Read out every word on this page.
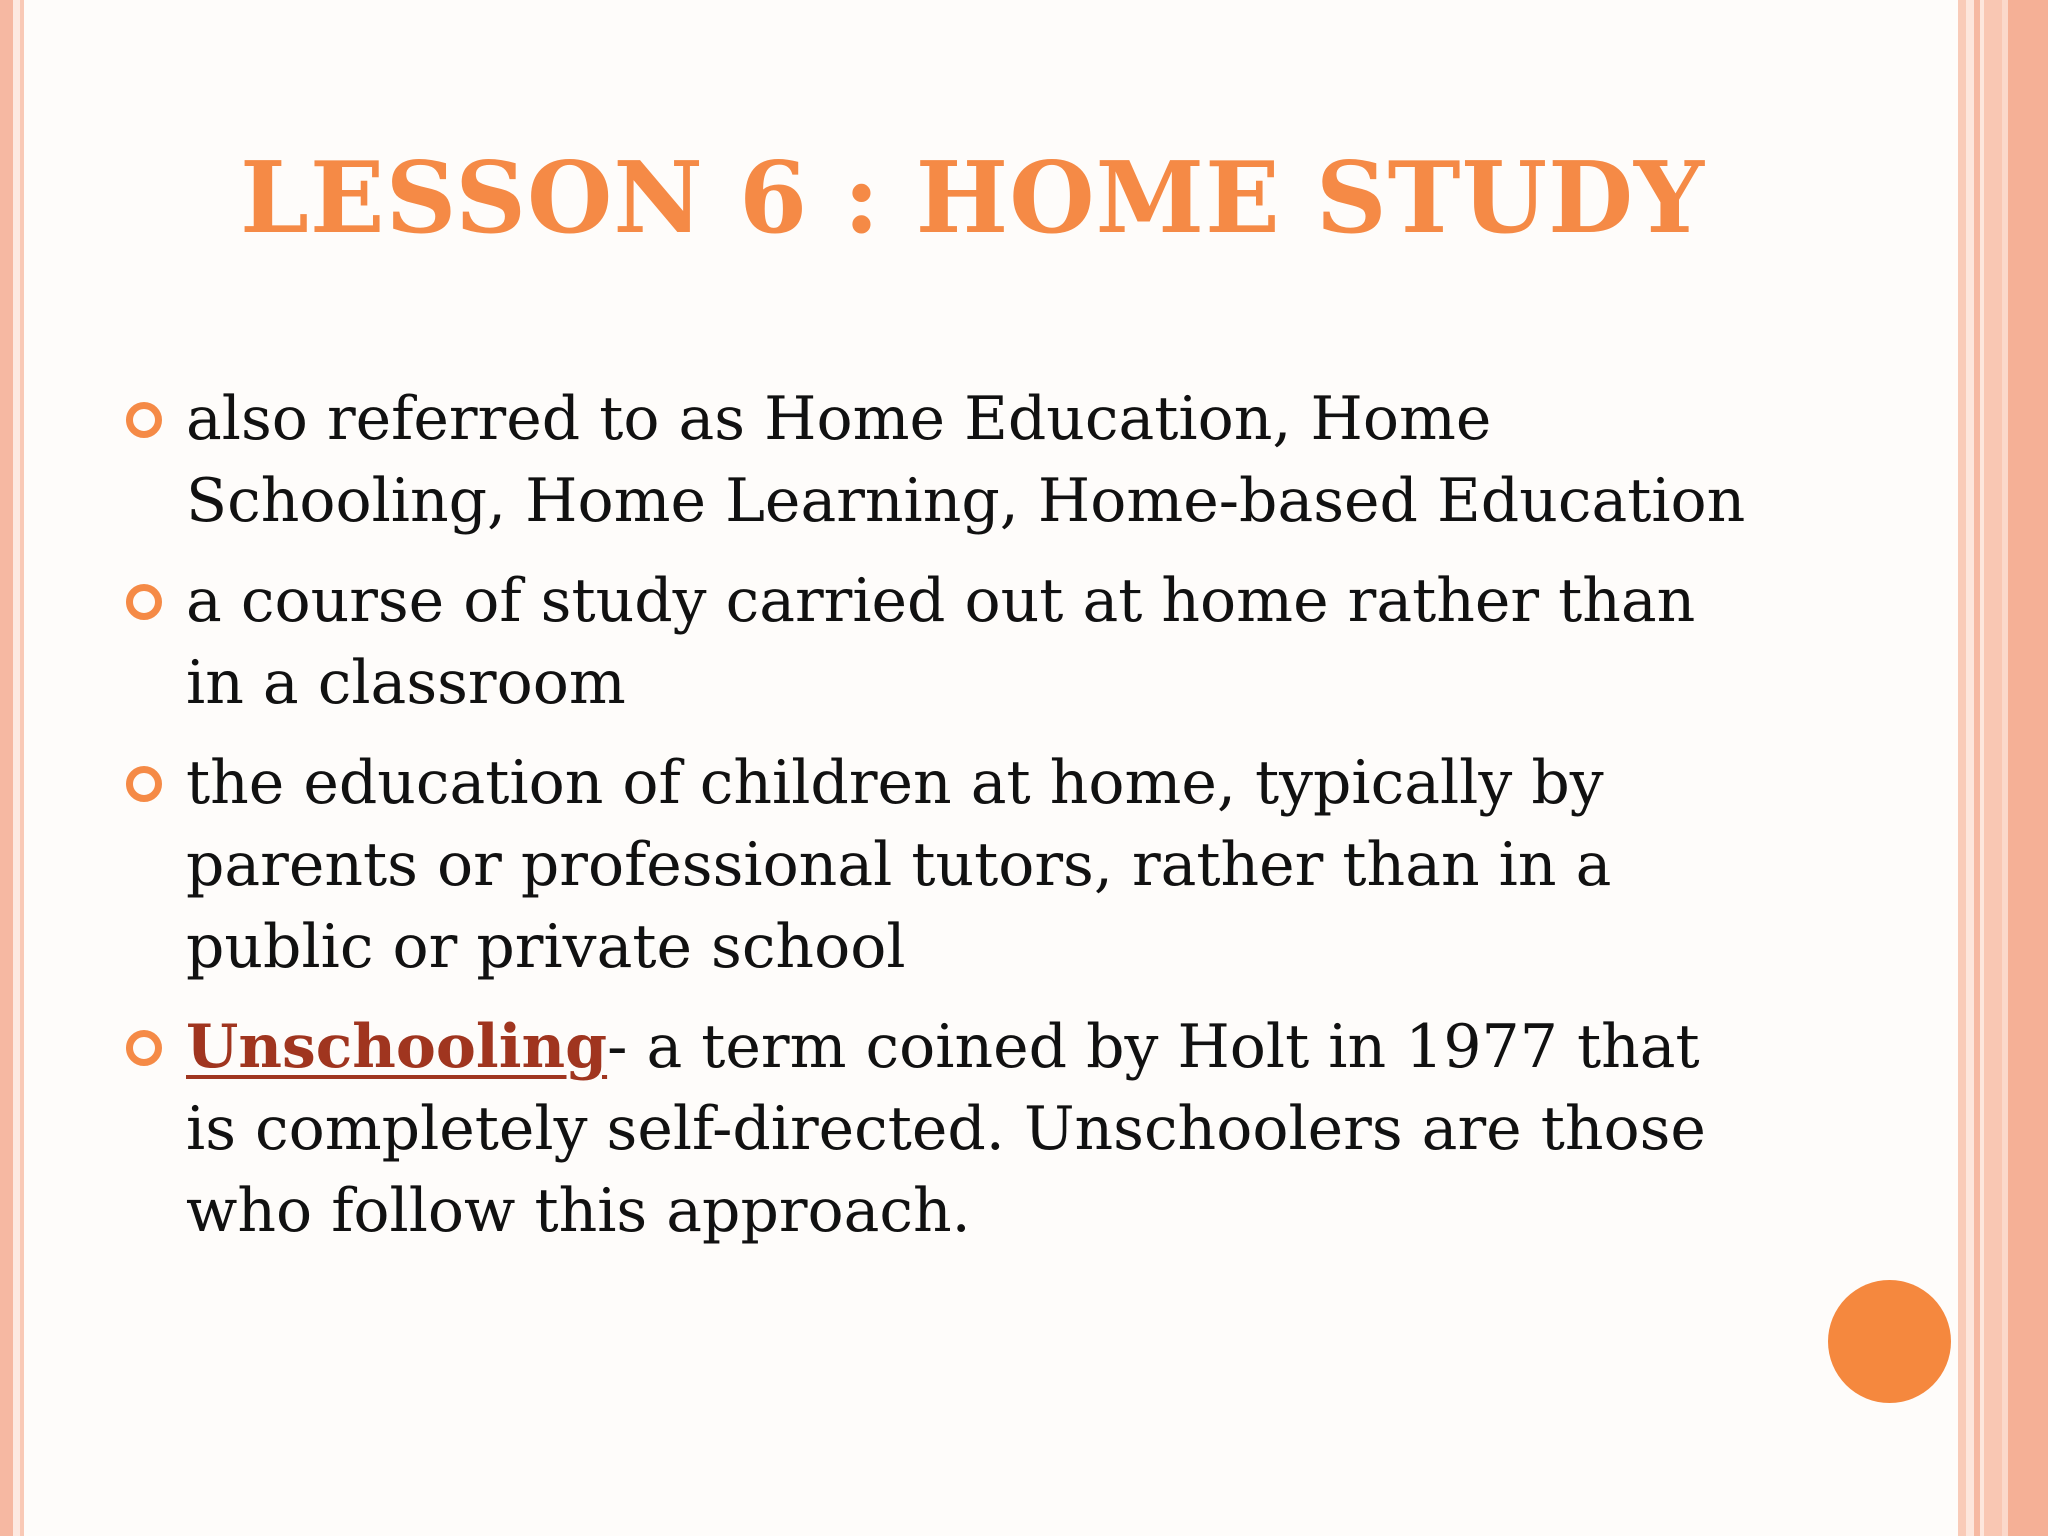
LESSON 6 : HOME STUDY
also referred to as Home Education, Home Schooling, Home Learning, Home-based Education
a course of study carried out at home rather than in a classroom
the education of children at home, typically by parents or professional tutors, rather than in a public or private school
Unschooling- a term coined by Holt in 1977 that is completely self-directed. Unschoolers are those who follow this approach.
